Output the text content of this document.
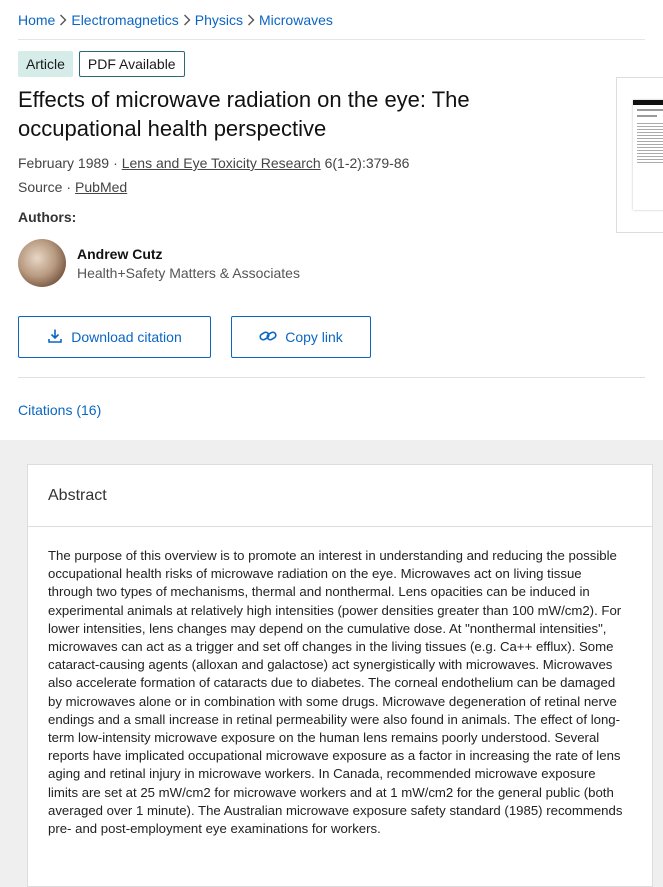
Home Electromagnetics Physics Microwaves
Article	PDF Available
Effects of microwave radiation on the eye: The occupational health perspective
February 1989 · Lens and Eye Toxicity Research 6(1-2):379-86
Source · PubMed
Authors:
Andrew Cutz
Health+Safety Matters & Associates
Download citation	Copy link
Citations (16)
Abstract

The purpose of this overview is to promote an interest in understanding and reducing the possible occupational health risks of microwave radiation on the eye. Microwaves act on living tissue through two types of mechanisms, thermal and nonthermal. Lens opacities can be induced in experimental animals at relatively high intensities (power densities greater than 100 mW/cm2). For lower intensities, lens changes may depend on the cumulative dose. At "nonthermal intensities", microwaves can act as a trigger and set off changes in the living tissues (e.g. Ca++ efflux). Some cataract-causing agents (alloxan and galactose) act synergistically with microwaves. Microwaves also accelerate formation of cataracts due to diabetes. The corneal endothelium can be damaged by microwaves alone or in combination with some drugs. Microwave degeneration of retinal nerve endings and a small increase in retinal permeability were also found in animals. The effect of long-term low-intensity microwave exposure on the human lens remains poorly understood. Several reports have implicated occupational microwave exposure as a factor in increasing the rate of lens aging and retinal injury in microwave workers. In Canada, recommended microwave exposure limits are set at 25 mW/cm2 for microwave workers and at 1 mW/cm2 for the general public (both averaged over 1 minute). The Australian microwave exposure safety standard (1985) recommends pre- and post-employment eye examinations for workers.
